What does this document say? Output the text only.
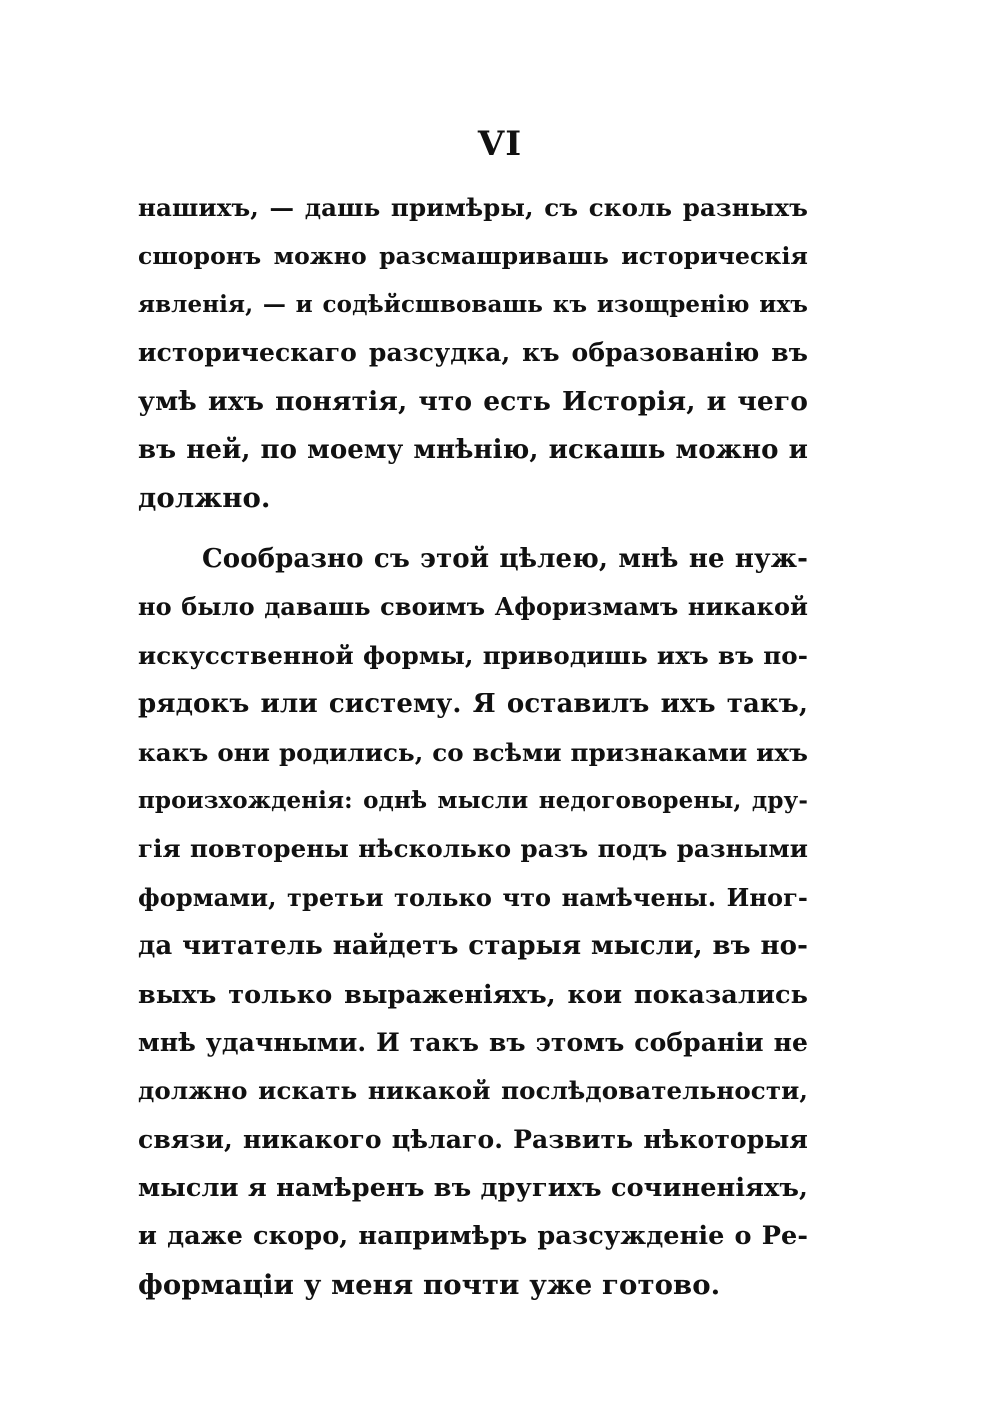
VI
нашихъ, — дашь примѣры, съ сколь разныхъ
сшоронъ можно разсмашривашь историческія
явленія, — и содѣйсшвовашь къ изощренію ихъ
историческаго разсудка, къ образованію въ
умѣ ихъ понятія, что есть Исторія, и чего
въ ней, по моему мнѣнію, искашь можно и
должно.
Сообразно съ этой цѣлею, мнѣ не нуж-
но было давашь своимъ Афоризмамъ никакой
искусственной формы, приводишь ихъ въ по-
рядокъ или систему. Я оставилъ ихъ такъ,
какъ они родились, со всѣми признаками ихъ
произхожденія: однѣ мысли недоговорены, дру-
гія повторены нѣсколько разъ подъ разными
формами, третьи только что намѣчены. Иног-
да читатель найдетъ старыя мысли, въ но-
выхъ только выраженіяхъ, кои показались
мнѣ удачными. И такъ въ этомъ собраніи не
должно искать никакой послѣдовательности,
связи, никакого цѣлаго. Развить нѣкоторыя
мысли я намѣренъ въ другихъ сочиненіяхъ,
и даже скоро, напримѣръ разсужденіе о Ре-
формаціи у меня почти уже готово.
